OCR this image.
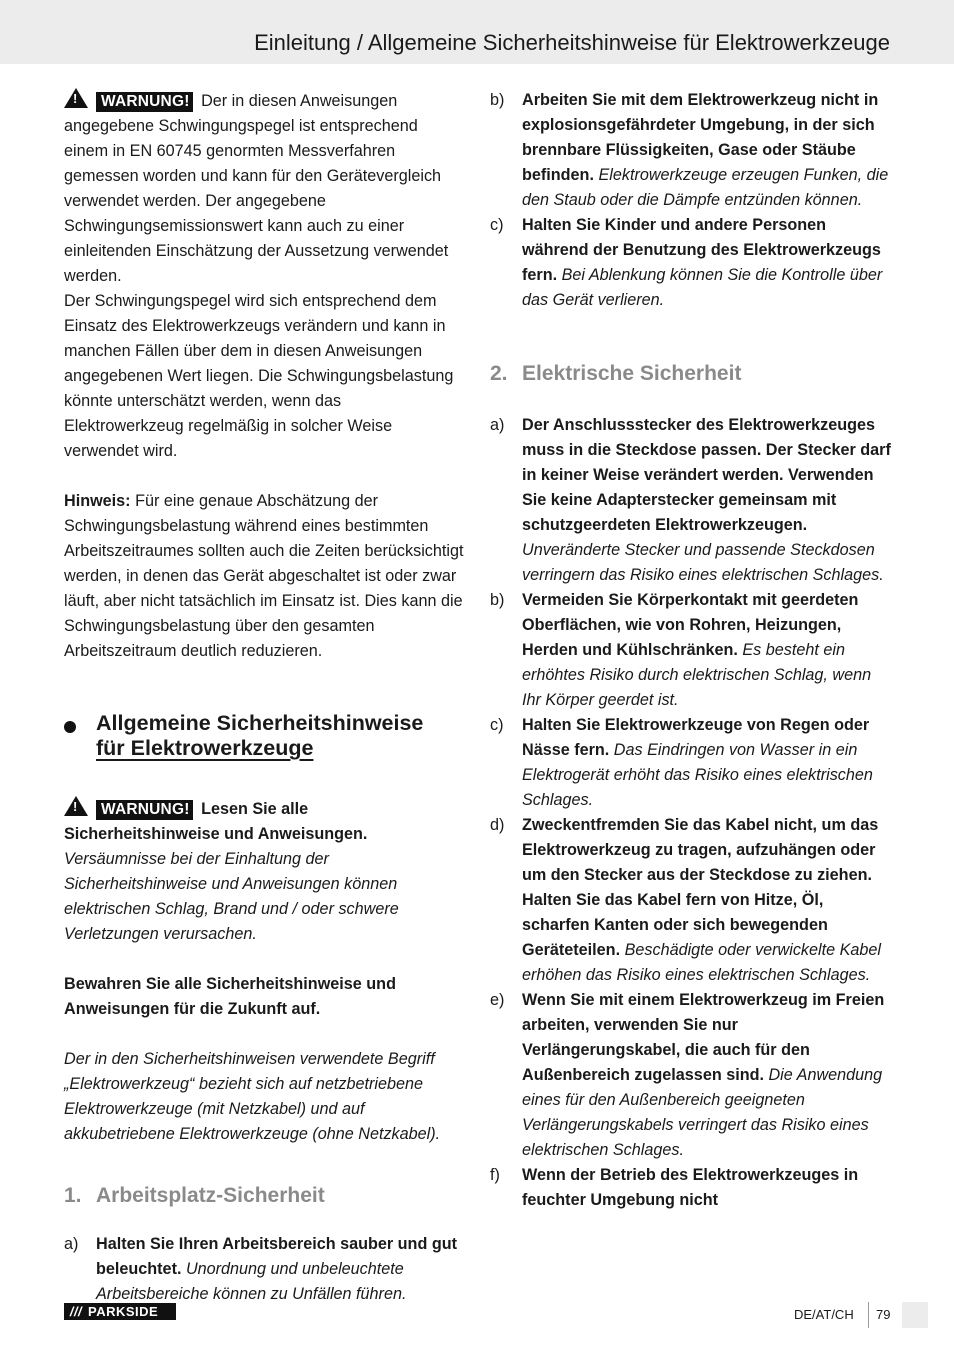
Einleitung / Allgemeine Sicherheitshinweise für Elektrowerkzeuge

!WARNUNG! Der in diesen Anweisungen angegebene Schwingungspegel ist entsprechend einem in EN 60745 genormten Messverfahren gemessen worden und kann für den Gerätevergleich verwendet werden. Der angegebene Schwingungsemissionswert kann auch zu einer einleitenden Einschätzung der Aussetzung verwendet werden.

Der Schwingungspegel wird sich entsprechend dem Einsatz des Elektrowerkzeugs verändern und kann in manchen Fällen über dem in diesen Anweisungen angegebenen Wert liegen. Die Schwingungsbelastung könnte unterschätzt werden, wenn das Elektrowerkzeug regelmäßig in solcher Weise verwendet wird.

Hinweis: Für eine genaue Abschätzung der Schwingungsbelastung während eines bestimmten Arbeitszeitraumes sollten auch die Zeiten berücksichtigt werden, in denen das Gerät abgeschaltet ist oder zwar läuft, aber nicht tatsächlich im Einsatz ist. Dies kann die Schwingungsbelastung über den gesamten Arbeitszeitraum deutlich reduzieren.

Allgemeine Sicherheitshinweise
für Elektrowerkzeuge

!WARNUNG! Lesen Sie alle Sicherheitshinweise und Anweisungen. Versäumnisse bei der Einhaltung der Sicherheitshinweise und Anweisungen können elektrischen Schlag, Brand und / oder schwere Verletzungen verursachen.

Bewahren Sie alle Sicherheitshinweise und Anweisungen für die Zukunft auf.

Der in den Sicherheitshinweisen verwendete Begriff „Elektrowerkzeug“ bezieht sich auf netzbetriebene Elektrowerkzeuge (mit Netzkabel) und auf akkubetriebene Elektrowerkzeuge (ohne Netzkabel).

1. Arbeitsplatz-Sicherheit
a)	Halten Sie Ihren Arbeitsbereich sauber und gut beleuchtet. Unordnung und unbeleuchtete Arbeitsbereiche können zu Unfällen führen.
b)	Arbeiten Sie mit dem Elektrowerkzeug nicht in explosionsgefährdeter Umgebung, in der sich brennbare Flüssigkeiten, Gase oder Stäube befinden. Elektrowerkzeuge erzeugen Funken, die den Staub oder die Dämpfe entzünden können.
c)	Halten Sie Kinder und andere Personen während der Benutzung des Elektrowerkzeugs fern. Bei Ablenkung können Sie die Kontrolle über das Gerät verlieren.
2. Elektrische Sicherheit
a)	Der Anschlussstecker des Elektrowerkzeuges muss in die Steckdose passen. Der Stecker darf in keiner Weise verändert werden. Verwenden Sie keine Adapterstecker gemeinsam mit schutzgeerdeten Elektrowerkzeugen. Unveränderte Stecker und passende Steckdosen verringern das Risiko eines elektrischen Schlages.
b)	Vermeiden Sie Körperkontakt mit geerdeten Oberflächen, wie von Rohren, Heizungen, Herden und Kühlschränken. Es besteht ein erhöhtes Risiko durch elektrischen Schlag, wenn Ihr Körper geerdet ist.
c)	Halten Sie Elektrowerkzeuge von Regen oder Nässe fern. Das Eindringen von Wasser in ein Elektrogerät erhöht das Risiko eines elektrischen Schlages.
d)	Zweckentfremden Sie das Kabel nicht, um das Elektrowerkzeug zu tragen, aufzuhängen oder um den Stecker aus der Steckdose zu ziehen. Halten Sie das Kabel fern von Hitze, Öl, scharfen Kanten oder sich bewegenden Geräteteilen. Beschädigte oder verwickelte Kabel erhöhen das Risiko eines elektrischen Schlages.
e)	Wenn Sie mit einem Elektrowerkzeug im Freien arbeiten, verwenden Sie nur Verlängerungskabel, die auch für den Außenbereich zugelassen sind. Die Anwendung eines für den Außenbereich geeigneten Verlängerungskabels verringert das Risiko eines elektrischen Schlages.
f)	Wenn der Betrieb des Elektrowerkzeuges in feuchter Umgebung nicht
/// PARKSIDE	DE/AT/CH 79
